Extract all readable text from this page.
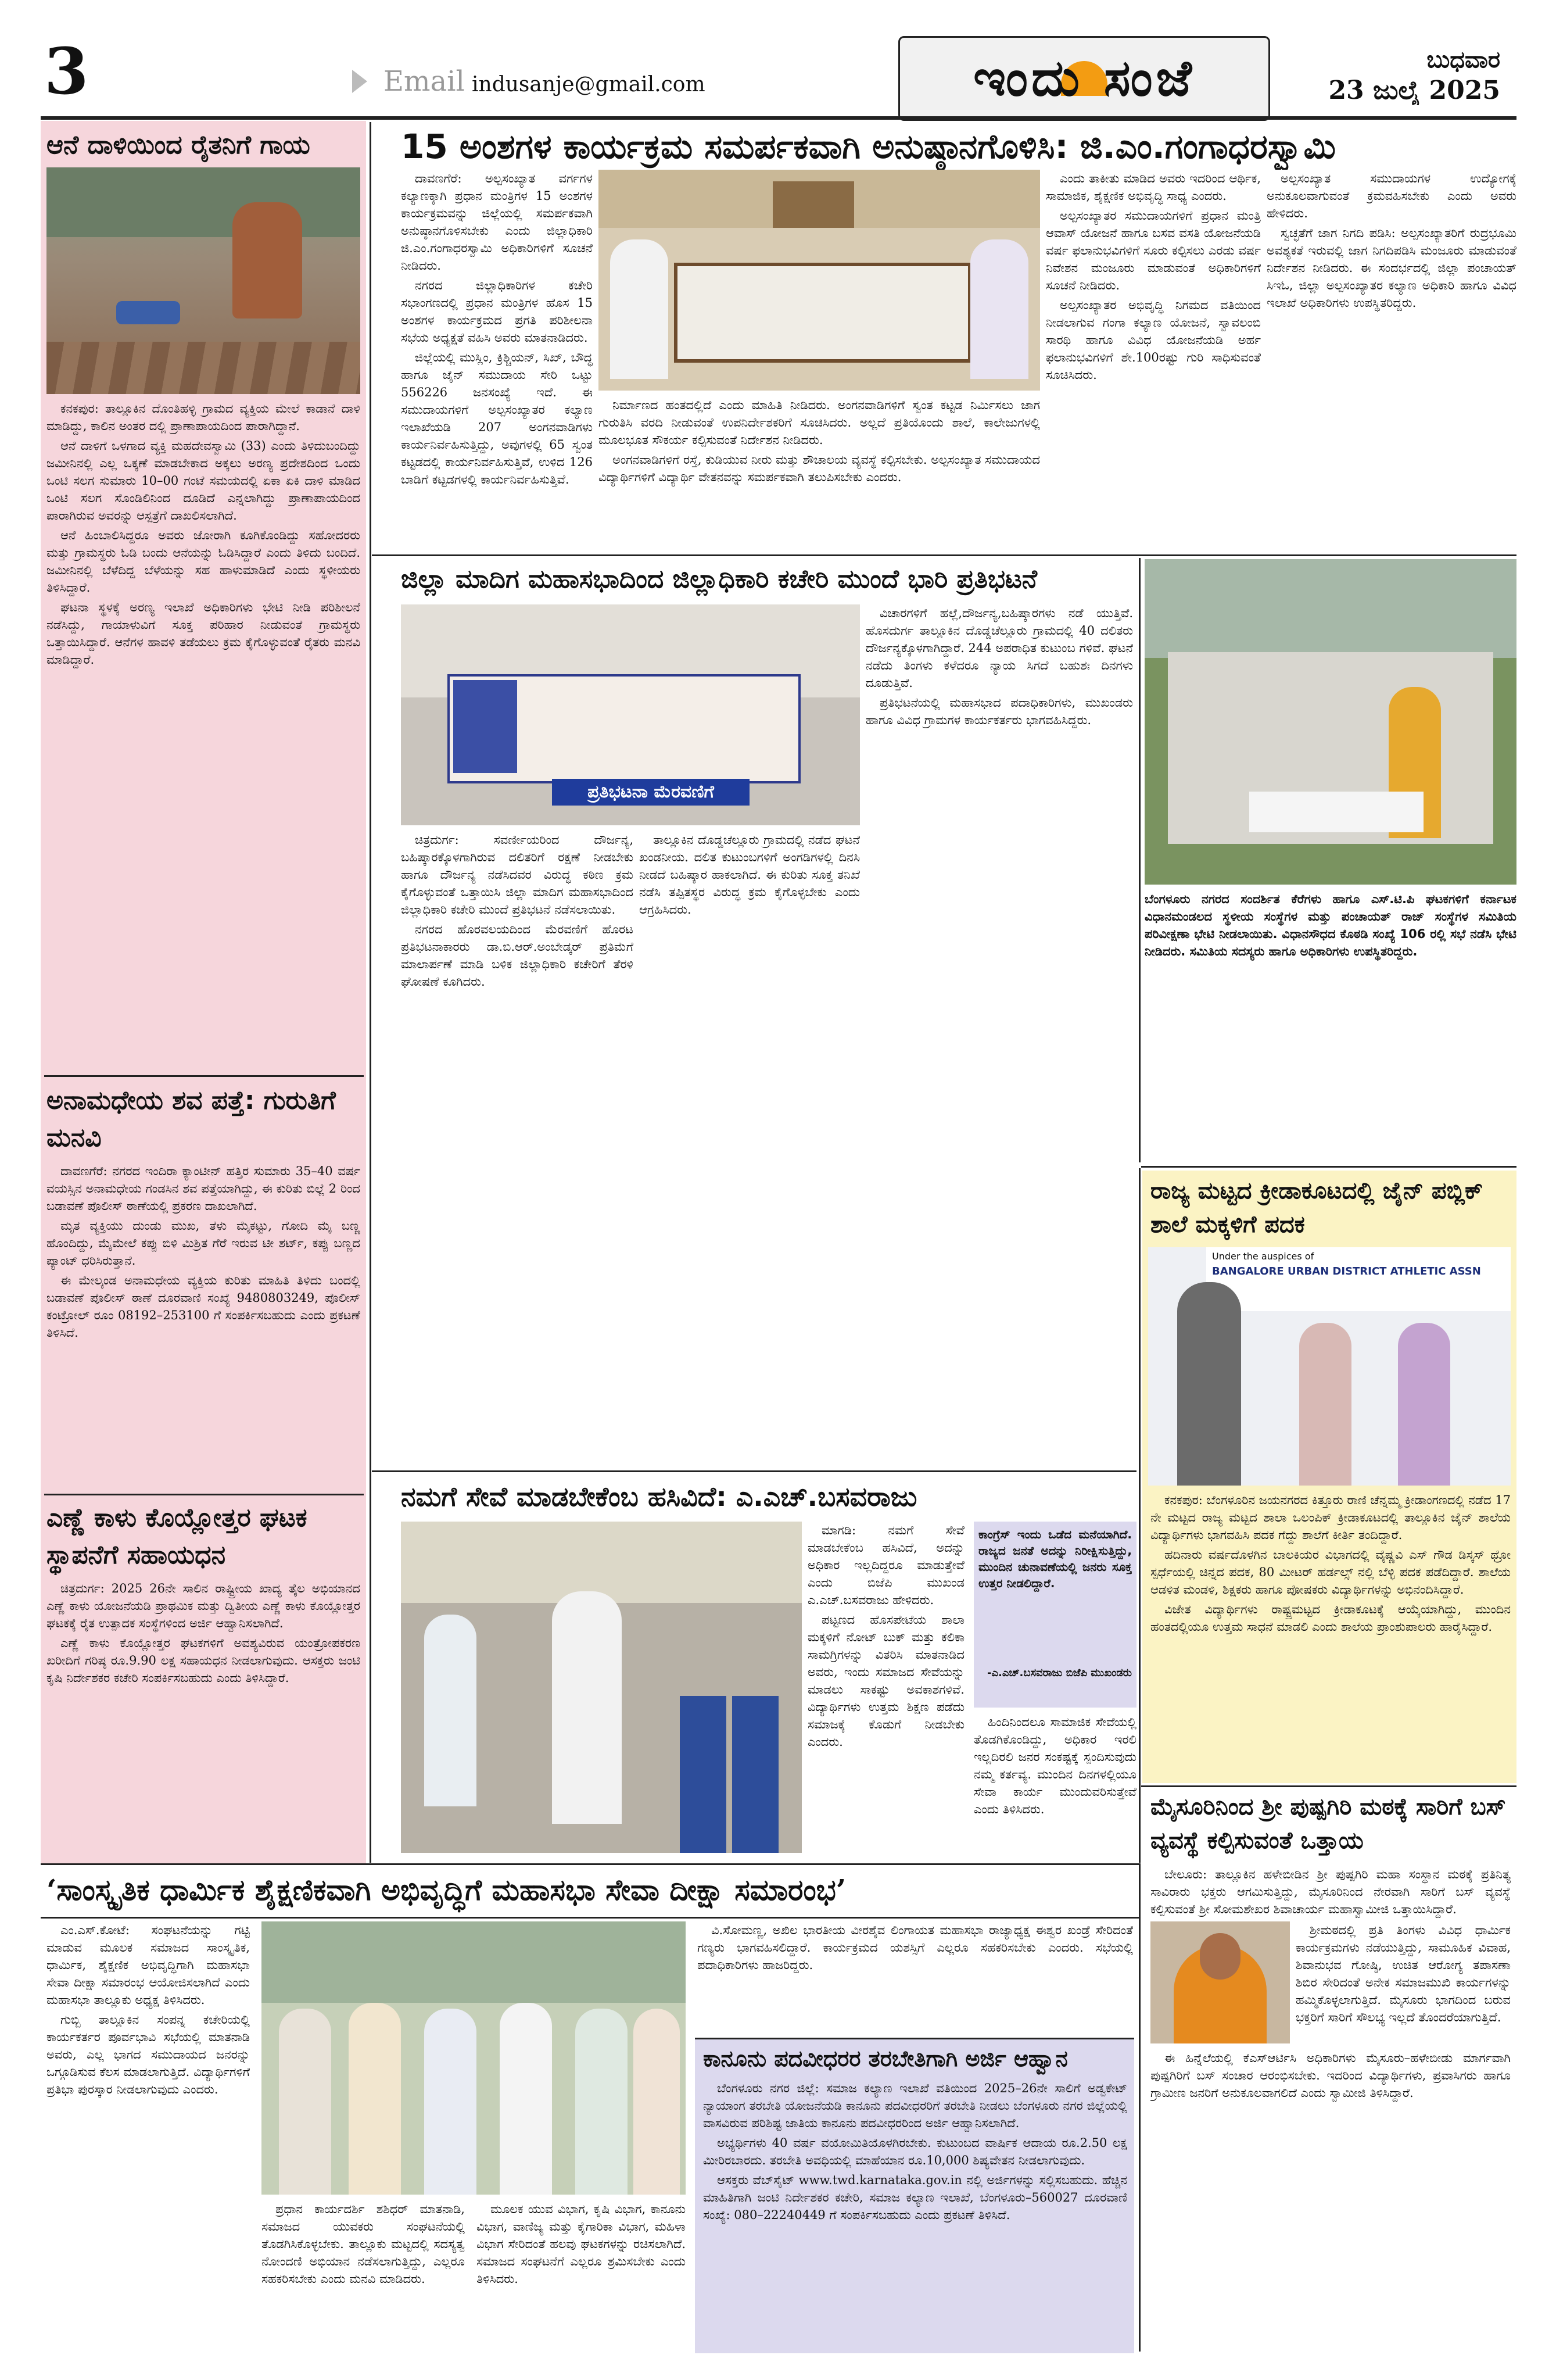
3	Email indusanje@gmail.com	ಇಂದು ಸಂಜೆ	ಬುಧವಾರ
23 ಜುಲೈ 2025
ಆನೆ ದಾಳಿಯಿಂದ ರೈತನಿಗೆ ಗಾಯ

ಕನಕಪುರ: ತಾಲ್ಲೂಕಿನ ದೊಂತಿಹಳ್ಳಿ ಗ್ರಾಮದ ವ್ಯಕ್ತಿಯ ಮೇಲೆ ಕಾಡಾನೆ ದಾಳಿ ಮಾಡಿದ್ದು, ಕಾಲಿನ ಅಂತರ ದಲ್ಲಿ ಪ್ರಾಣಾಪಾಯದಿಂದ ಪಾರಾಗಿದ್ದಾನೆ.

ಆನೆ ದಾಳಿಗೆ ಒಳಗಾದ ವ್ಯಕ್ತಿ ಮಹದೇವಸ್ವಾಮಿ (33) ಎಂದು ತಿಳಿದುಬಂದಿದ್ದು ಜಮೀನಿನಲ್ಲಿ ಎಲ್ಲ ಒಕ್ಕಣೆ ಮಾಡಬೇಕಾದ ಅಕ್ಕಲು ಅರಣ್ಯ ಪ್ರದೇಶದಿಂದ ಒಂದು ಒಂಟಿ ಸಲಗ ಸುಮಾರು 10–00 ಗಂಟೆ ಸಮಯದಲ್ಲಿ ಏಕಾ ಏಕಿ ದಾಳಿ ಮಾಡಿದ ಒಂಟಿ ಸಲಗ ಸೊಂಡಿಲಿನಿಂದ ದೂಡಿದೆ ಎನ್ನಲಾಗಿದ್ದು ಪ್ರಾಣಾಪಾಯದಿಂದ ಪಾರಾಗಿರುವ ಅವರನ್ನು ಆಸ್ಪತ್ರೆಗೆ ದಾಖಲಿಸಲಾಗಿದೆ.

ಆನೆ ಹಿಂಬಾಲಿಸಿದ್ದರೂ ಅವರು ಜೋರಾಗಿ ಕೂಗಿಕೊಂಡಿದ್ದು ಸಹೋದರರು ಮತ್ತು ಗ್ರಾಮಸ್ಥರು ಓಡಿ ಬಂದು ಆನೆಯನ್ನು ಓಡಿಸಿದ್ದಾರೆ ಎಂದು ತಿಳಿದು ಬಂದಿದೆ. ಜಮೀನಿನಲ್ಲಿ ಬೆಳೆದಿದ್ದ ಬೆಳೆಯನ್ನು ಸಹ ಹಾಳುಮಾಡಿದೆ ಎಂದು ಸ್ಥಳೀಯರು ತಿಳಿಸಿದ್ದಾರೆ.

ಘಟನಾ ಸ್ಥಳಕ್ಕೆ ಅರಣ್ಯ ಇಲಾಖೆ ಅಧಿಕಾರಿಗಳು ಭೇಟಿ ನೀಡಿ ಪರಿಶೀಲನೆ ನಡೆಸಿದ್ದು, ಗಾಯಾಳುವಿಗೆ ಸೂಕ್ತ ಪರಿಹಾರ ನೀಡುವಂತೆ ಗ್ರಾಮಸ್ಥರು ಒತ್ತಾಯಿಸಿದ್ದಾರೆ. ಆನೆಗಳ ಹಾವಳಿ ತಡೆಯಲು ಕ್ರಮ ಕೈಗೊಳ್ಳುವಂತೆ ರೈತರು ಮನವಿ ಮಾಡಿದ್ದಾರೆ.

ಅನಾಮಧೇಯ ಶವ ಪತ್ತೆ: ಗುರುತಿಗೆ ಮನವಿ

ದಾವಣಗೆರೆ: ನಗರದ ಇಂದಿರಾ ಕ್ಯಾಂಟೀನ್ ಹತ್ತಿರ ಸುಮಾರು 35–40 ವರ್ಷ ವಯಸ್ಸಿನ ಅನಾಮಧೇಯ ಗಂಡಸಿನ ಶವ ಪತ್ತೆಯಾಗಿದ್ದು, ಈ ಕುರಿತು ಬಿಲ್ಲೆ 2 ರಿಂದ ಬಡಾವಣೆ ಪೊಲೀಸ್ ಠಾಣೆಯಲ್ಲಿ ಪ್ರಕರಣ ದಾಖಲಾಗಿದೆ.

ಮೃತ ವ್ಯಕ್ತಿಯು ದುಂಡು ಮುಖ, ತೆಳು ಮೈಕಟ್ಟು, ಗೋದಿ ಮೈ ಬಣ್ಣ ಹೊಂದಿದ್ದು, ಮೈಮೇಲೆ ಕಪ್ಪು ಬಿಳಿ ಮಿಶ್ರಿತ ಗೆರೆ ಇರುವ ಟೀ ಶರ್ಟ್, ಕಪ್ಪು ಬಣ್ಣದ ಪ್ಯಾಂಟ್ ಧರಿಸಿರುತ್ತಾನೆ.

ಈ ಮೇಲ್ಕಂಡ ಅನಾಮಧೇಯ ವ್ಯಕ್ತಿಯ ಕುರಿತು ಮಾಹಿತಿ ತಿಳಿದು ಬಂದಲ್ಲಿ ಬಡಾವಣೆ ಪೊಲೀಸ್ ಠಾಣೆ ದೂರವಾಣಿ ಸಂಖ್ಯೆ 9480803249, ಪೊಲೀಸ್ ಕಂಟ್ರೋಲ್ ರೂಂ 08192–253100 ಗೆ ಸಂಪರ್ಕಿಸಬಹುದು ಎಂದು ಪ್ರಕಟಣೆ ತಿಳಿಸಿದೆ.

ಎಣ್ಣೆ ಕಾಳು ಕೊಯ್ಲೋತ್ತರ ಘಟಕ ಸ್ಥಾಪನೆಗೆ ಸಹಾಯಧನ

ಚಿತ್ರದುರ್ಗ: 2025 26ನೇ ಸಾಲಿನ ರಾಷ್ಟ್ರೀಯ ಖಾದ್ಯ ತೈಲ ಅಭಿಯಾನದ ಎಣ್ಣೆ ಕಾಳು ಯೋಜನೆಯಡಿ ಪ್ರಾಥಮಿಕ ಮತ್ತು ದ್ವಿತೀಯ ಎಣ್ಣೆ ಕಾಳು ಕೊಯ್ಲೋತ್ತರ ಘಟಕಕ್ಕೆ ರೈತ ಉತ್ಪಾದಕ ಸಂಸ್ಥೆಗಳಿಂದ ಅರ್ಜಿ ಆಹ್ವಾನಿಸಲಾಗಿದೆ.

ಎಣ್ಣೆ ಕಾಳು ಕೊಯ್ಲೋತ್ತರ ಘಟಕಗಳಿಗೆ ಅವಶ್ಯವಿರುವ ಯಂತ್ರೋಪಕರಣ ಖರೀದಿಗೆ ಗರಿಷ್ಠ ರೂ.9.90 ಲಕ್ಷ ಸಹಾಯಧನ ನೀಡಲಾಗುವುದು. ಆಸಕ್ತರು ಜಂಟಿ ಕೃಷಿ ನಿರ್ದೇಶಕರ ಕಚೇರಿ ಸಂಪರ್ಕಿಸಬಹುದು ಎಂದು ತಿಳಿಸಿದ್ದಾರೆ.

15 ಅಂಶಗಳ ಕಾರ್ಯಕ್ರಮ ಸಮರ್ಪಕವಾಗಿ ಅನುಷ್ಠಾನಗೊಳಿಸಿ: ಜಿ.ಎಂ.ಗಂಗಾಧರಸ್ವಾಮಿ

ದಾವಣಗೆರೆ: ಅಲ್ಪಸಂಖ್ಯಾತ ವರ್ಗಗಳ ಕಲ್ಯಾಣಕ್ಕಾಗಿ ಪ್ರಧಾನ ಮಂತ್ರಿಗಳ 15 ಅಂಶಗಳ ಕಾರ್ಯಕ್ರಮವನ್ನು ಜಿಲ್ಲೆಯಲ್ಲಿ ಸಮರ್ಪಕವಾಗಿ ಅನುಷ್ಠಾನಗೊಳಿಸಬೇಕು ಎಂದು ಜಿಲ್ಲಾಧಿಕಾರಿ ಜಿ.ಎಂ.ಗಂಗಾಧರಸ್ವಾಮಿ ಅಧಿಕಾರಿಗಳಿಗೆ ಸೂಚನೆ ನೀಡಿದರು.

ನಗರದ ಜಿಲ್ಲಾಧಿಕಾರಿಗಳ ಕಚೇರಿ ಸಭಾಂಗಣದಲ್ಲಿ ಪ್ರಧಾನ ಮಂತ್ರಿಗಳ ಹೊಸ 15 ಅಂಶಗಳ ಕಾರ್ಯಕ್ರಮದ ಪ್ರಗತಿ ಪರಿಶೀಲನಾ ಸಭೆಯ ಅಧ್ಯಕ್ಷತೆ ವಹಿಸಿ ಅವರು ಮಾತನಾಡಿದರು.

ಜಿಲ್ಲೆಯಲ್ಲಿ ಮುಸ್ಲಿಂ, ಕ್ರಿಶ್ಚಿಯನ್, ಸಿಖ್, ಬೌದ್ಧ ಹಾಗೂ ಜೈನ್ ಸಮುದಾಯ ಸೇರಿ ಒಟ್ಟು 556226 ಜನಸಂಖ್ಯೆ ಇದೆ. ಈ ಸಮುದಾಯಗಳಿಗೆ ಅಲ್ಪಸಂಖ್ಯಾತರ ಕಲ್ಯಾಣ ಇಲಾಖೆಯಡಿ 207 ಅಂಗನವಾಡಿಗಳು ಕಾರ್ಯನಿರ್ವಹಿಸುತ್ತಿದ್ದು, ಅವುಗಳಲ್ಲಿ 65 ಸ್ವಂತ ಕಟ್ಟಡದಲ್ಲಿ ಕಾರ್ಯನಿರ್ವಹಿಸುತ್ತಿವೆ, ಉಳಿದ 126 ಬಾಡಿಗೆ ಕಟ್ಟಡಗಳಲ್ಲಿ ಕಾರ್ಯನಿರ್ವಹಿಸುತ್ತಿವೆ.

ನಿರ್ಮಾಣದ ಹಂತದಲ್ಲಿದೆ ಎಂದು ಮಾಹಿತಿ ನೀಡಿದರು. ಅಂಗನವಾಡಿಗಳಿಗೆ ಸ್ವಂತ ಕಟ್ಟಡ ನಿರ್ಮಿಸಲು ಜಾಗ ಗುರುತಿಸಿ ವರದಿ ನೀಡುವಂತೆ ಉಪನಿರ್ದೇಶಕರಿಗೆ ಸೂಚಿಸಿದರು. ಅಲ್ಲದೆ ಪ್ರತಿಯೊಂದು ಶಾಲೆ, ಕಾಲೇಜುಗಳಲ್ಲಿ ಮೂಲಭೂತ ಸೌಕರ್ಯ ಕಲ್ಪಿಸುವಂತೆ ನಿರ್ದೇಶನ ನೀಡಿದರು.

ಅಂಗನವಾಡಿಗಳಿಗೆ ರಸ್ತೆ, ಕುಡಿಯುವ ನೀರು ಮತ್ತು ಶೌಚಾಲಯ ವ್ಯವಸ್ಥೆ ಕಲ್ಪಿಸಬೇಕು. ಅಲ್ಪಸಂಖ್ಯಾತ ಸಮುದಾಯದ ವಿದ್ಯಾರ್ಥಿಗಳಿಗೆ ವಿದ್ಯಾರ್ಥಿ ವೇತನವನ್ನು ಸಮರ್ಪಕವಾಗಿ ತಲುಪಿಸಬೇಕು ಎಂದರು.

ಎಂದು ತಾಕೀತು ಮಾಡಿದ ಅವರು ಇದರಿಂದ ಆರ್ಥಿಕ, ಸಾಮಾಜಿಕ, ಶೈಕ್ಷಣಿಕ ಅಭಿವೃದ್ಧಿ ಸಾಧ್ಯ ಎಂದರು.

ಅಲ್ಪಸಂಖ್ಯಾತರ ಸಮುದಾಯಗಳಿಗೆ ಪ್ರಧಾನ ಮಂತ್ರಿ ಆವಾಸ್ ಯೋಜನೆ ಹಾಗೂ ಬಸವ ವಸತಿ ಯೋಜನೆಯಡಿ ವರ್ಷ ಫಲಾನುಭವಿಗಳಿಗೆ ಸೂರು ಕಲ್ಪಿಸಲು ಎರಡು ವರ್ಷ ನಿವೇಶನ ಮಂಜೂರು ಮಾಡುವಂತೆ ಅಧಿಕಾರಿಗಳಿಗೆ ಸೂಚನೆ ನೀಡಿದರು.

ಅಲ್ಪಸಂಖ್ಯಾತರ ಅಭಿವೃದ್ಧಿ ನಿಗಮದ ವತಿಯಿಂದ ನೀಡಲಾಗುವ ಗಂಗಾ ಕಲ್ಯಾಣ ಯೋಜನೆ, ಸ್ವಾವಲಂಬಿ ಸಾರಥಿ ಹಾಗೂ ವಿವಿಧ ಯೋಜನೆಯಡಿ ಅರ್ಹ ಫಲಾನುಭವಿಗಳಿಗೆ ಶೇ.100ರಷ್ಟು ಗುರಿ ಸಾಧಿಸುವಂತೆ ಸೂಚಿಸಿದರು.

ಅಲ್ಪಸಂಖ್ಯಾತ ಸಮುದಾಯಗಳ ಉದ್ಯೋಗಕ್ಕೆ ಅನುಕೂಲವಾಗುವಂತೆ ಕ್ರಮವಹಿಸಬೇಕು ಎಂದು ಅವರು ಹೇಳಿದರು.

ಸ್ವಚ್ಛತೆಗೆ ಜಾಗ ನಿಗದಿ ಪಡಿಸಿ: ಅಲ್ಪಸಂಖ್ಯಾತರಿಗೆ ರುದ್ರಭೂಮಿ ಅವಶ್ಯಕತೆ ಇರುವಲ್ಲಿ ಜಾಗ ನಿಗದಿಪಡಿಸಿ ಮಂಜೂರು ಮಾಡುವಂತೆ ನಿರ್ದೇಶನ ನೀಡಿದರು. ಈ ಸಂದರ್ಭದಲ್ಲಿ ಜಿಲ್ಲಾ ಪಂಚಾಯತ್ ಸಿಇಓ, ಜಿಲ್ಲಾ ಅಲ್ಪಸಂಖ್ಯಾತರ ಕಲ್ಯಾಣ ಅಧಿಕಾರಿ ಹಾಗೂ ವಿವಿಧ ಇಲಾಖೆ ಅಧಿಕಾರಿಗಳು ಉಪಸ್ಥಿತರಿದ್ದರು.

ಜಿಲ್ಲಾ ಮಾದಿಗ ಮಹಾಸಭಾದಿಂದ ಜಿಲ್ಲಾಧಿಕಾರಿ ಕಚೇರಿ ಮುಂದೆ ಭಾರಿ ಪ್ರತಿಭಟನೆ
ಪ್ರತಿಭಟನಾ ಮೆರವಣಿಗೆ

ಚಿತ್ರದುರ್ಗ: ಸವರ್ಣೀಯರಿಂದ ದೌರ್ಜನ್ಯ, ಬಹಿಷ್ಕಾರಕ್ಕೊಳಗಾಗಿರುವ ದಲಿತರಿಗೆ ರಕ್ಷಣೆ ನೀಡಬೇಕು ಹಾಗೂ ದೌರ್ಜನ್ಯ ನಡೆಸಿದವರ ವಿರುದ್ಧ ಕಠಿಣ ಕ್ರಮ ಕೈಗೊಳ್ಳುವಂತೆ ಒತ್ತಾಯಿಸಿ ಜಿಲ್ಲಾ ಮಾದಿಗ ಮಹಾಸಭಾದಿಂದ ಜಿಲ್ಲಾಧಿಕಾರಿ ಕಚೇರಿ ಮುಂದೆ ಪ್ರತಿಭಟನೆ ನಡೆಸಲಾಯಿತು.

ನಗರದ ಹೊರವಲಯದಿಂದ ಮೆರವಣಿಗೆ ಹೊರಟ ಪ್ರತಿಭಟನಾಕಾರರು ಡಾ.ಬಿ.ಆರ್.ಅಂಬೇಡ್ಕರ್ ಪ್ರತಿಮೆಗೆ ಮಾಲಾರ್ಪಣೆ ಮಾಡಿ ಬಳಿಕ ಜಿಲ್ಲಾಧಿಕಾರಿ ಕಚೇರಿಗೆ ತೆರಳಿ ಘೋಷಣೆ ಕೂಗಿದರು.

ತಾಲ್ಲೂಕಿನ ದೊಡ್ಡಚೆಲ್ಲೂರು ಗ್ರಾಮದಲ್ಲಿ ನಡೆದ ಘಟನೆ ಖಂಡನೀಯ. ದಲಿತ ಕುಟುಂಬಗಳಿಗೆ ಅಂಗಡಿಗಳಲ್ಲಿ ದಿನಸಿ ನೀಡದೆ ಬಹಿಷ್ಕಾರ ಹಾಕಲಾಗಿದೆ. ಈ ಕುರಿತು ಸೂಕ್ತ ತನಿಖೆ ನಡೆಸಿ ತಪ್ಪಿತಸ್ಥರ ವಿರುದ್ಧ ಕ್ರಮ ಕೈಗೊಳ್ಳಬೇಕು ಎಂದು ಆಗ್ರಹಿಸಿದರು.

ವಿಚಾರಗಳಿಗೆ ಹಲ್ಲೆ,ದೌರ್ಜನ್ಯ,ಬಹಿಷ್ಕಾರಗಳು ನಡೆ ಯುತ್ತಿವೆ. ಹೊಸದುರ್ಗ ತಾಲ್ಲೂಕಿನ ದೊಡ್ಡಚೆಲ್ಲೂರು ಗ್ರಾಮದಲ್ಲಿ 40 ದಲಿತರು ದೌರ್ಜನ್ಯಕ್ಕೊಳಗಾಗಿದ್ದಾರೆ. 244 ಅಪರಾಧಿತ ಕುಟುಂಬ ಗಳಿವೆ. ಘಟನೆ ನಡೆದು ತಿಂಗಳು ಕಳೆದರೂ ನ್ಯಾಯ ಸಿಗದೆ ಬಹುಶಃ ದಿನಗಳು ದೂಡುತ್ತಿವೆ.

ಪ್ರತಿಭಟನೆಯಲ್ಲಿ ಮಹಾಸಭಾದ ಪದಾಧಿಕಾರಿಗಳು, ಮುಖಂಡರು ಹಾಗೂ ವಿವಿಧ ಗ್ರಾಮಗಳ ಕಾರ್ಯಕರ್ತರು ಭಾಗವಹಿಸಿದ್ದರು.

ಬೆಂಗಳೂರು ನಗರದ ಸಂದರ್ಶಿತ ಕೆರೆಗಳು ಹಾಗೂ ಎಸ್.ಟಿ.ಪಿ ಘಟಕಗಳಿಗೆ ಕರ್ನಾಟಕ ವಿಧಾನಮಂಡಲದ ಸ್ಥಳೀಯ ಸಂಸ್ಥೆಗಳ ಮತ್ತು ಪಂಚಾಯತ್ ರಾಜ್ ಸಂಸ್ಥೆಗಳ ಸಮಿತಿಯ ಪರಿವೀಕ್ಷಣಾ ಭೇಟಿ ನೀಡಲಾಯಿತು. ವಿಧಾನಸೌಧದ ಕೊಠಡಿ ಸಂಖ್ಯೆ 106 ರಲ್ಲಿ ಸಭೆ ನಡೆಸಿ ಭೇಟಿ ನೀಡಿದರು. ಸಮಿತಿಯ ಸದಸ್ಯರು ಹಾಗೂ ಅಧಿಕಾರಿಗಳು ಉಪಸ್ಥಿತರಿದ್ದರು.
ನಮಗೆ ಸೇವೆ ಮಾಡಬೇಕೆಂಬ ಹಸಿವಿದೆ: ಎ.ಎಚ್.ಬಸವರಾಜು

ಮಾಗಡಿ: ನಮಗೆ ಸೇವೆ ಮಾಡಬೇಕೆಂಬ ಹಸಿವಿದೆ, ಅದನ್ನು ಅಧಿಕಾರ ಇಲ್ಲದಿದ್ದರೂ ಮಾಡುತ್ತೇವೆ ಎಂದು ಬಿಜೆಪಿ ಮುಖಂಡ ಎ.ಎಚ್.ಬಸವರಾಜು ಹೇಳಿದರು.

ಪಟ್ಟಣದ ಹೊಸಪೇಟೆಯ ಶಾಲಾ ಮಕ್ಕಳಿಗೆ ನೋಟ್ ಬುಕ್ ಮತ್ತು ಕಲಿಕಾ ಸಾಮಗ್ರಿಗಳನ್ನು ವಿತರಿಸಿ ಮಾತನಾಡಿದ ಅವರು, ಇಂದು ಸಮಾಜದ ಸೇವೆಯನ್ನು ಮಾಡಲು ಸಾಕಷ್ಟು ಅವಕಾಶಗಳಿವೆ. ವಿದ್ಯಾರ್ಥಿಗಳು ಉತ್ತಮ ಶಿಕ್ಷಣ ಪಡೆದು ಸಮಾಜಕ್ಕೆ ಕೊಡುಗೆ ನೀಡಬೇಕು ಎಂದರು.

ಕಾಂಗ್ರೆಸ್ ಇಂದು ಒಡೆದ ಮನೆಯಾಗಿದೆ. ರಾಜ್ಯದ ಜನತೆ ಅದನ್ನು ನಿರೀಕ್ಷಿಸುತ್ತಿದ್ದು, ಮುಂದಿನ ಚುನಾವಣೆಯಲ್ಲಿ ಜನರು ಸೂಕ್ತ ಉತ್ತರ ನೀಡಲಿದ್ದಾರೆ.
-ಎ.ಎಚ್.ಬಸವರಾಜು ಬಿಜೆಪಿ ಮುಖಂಡರು

ಹಿಂದಿನಿಂದಲೂ ಸಾಮಾಜಿಕ ಸೇವೆಯಲ್ಲಿ ತೊಡಗಿಕೊಂಡಿದ್ದು, ಅಧಿಕಾರ ಇರಲಿ ಇಲ್ಲದಿರಲಿ ಜನರ ಸಂಕಷ್ಟಕ್ಕೆ ಸ್ಪಂದಿಸುವುದು ನಮ್ಮ ಕರ್ತವ್ಯ. ಮುಂದಿನ ದಿನಗಳಲ್ಲಿಯೂ ಸೇವಾ ಕಾರ್ಯ ಮುಂದುವರಿಸುತ್ತೇವೆ ಎಂದು ತಿಳಿಸಿದರು.

ರಾಜ್ಯ ಮಟ್ಟದ ಕ್ರೀಡಾಕೂಟದಲ್ಲಿ ಜೈನ್ ಪಬ್ಲಿಕ್ ಶಾಲೆ ಮಕ್ಕಳಿಗೆ ಪದಕ
Under the auspices of
BANGALORE URBAN DISTRICT ATHLETIC ASSN

ಕನಕಪುರ: ಬೆಂಗಳೂರಿನ ಜಯನಗರದ ಕಿತ್ತೂರು ರಾಣಿ ಚೆನ್ನಮ್ಮ ಕ್ರೀಡಾಂಗಣದಲ್ಲಿ ನಡೆದ 17 ನೇ ಮಟ್ಟದ ರಾಜ್ಯ ಮಟ್ಟದ ಶಾಲಾ ಒಲಂಪಿಕ್ ಕ್ರೀಡಾಕೂಟದಲ್ಲಿ ತಾಲ್ಲೂಕಿನ ಜೈನ್ ಶಾಲೆಯ ವಿದ್ಯಾರ್ಥಿಗಳು ಭಾಗವಹಿಸಿ ಪದಕ ಗೆದ್ದು ಶಾಲೆಗೆ ಕೀರ್ತಿ ತಂದಿದ್ದಾರೆ.

ಹದಿನಾರು ವರ್ಷದೊಳಗಿನ ಬಾಲಕಿಯರ ವಿಭಾಗದಲ್ಲಿ ವೈಷ್ಣವಿ ಎಸ್ ಗೌಡ ಡಿಸ್ಕಸ್ ಥ್ರೋ ಸ್ಪರ್ಧೆಯಲ್ಲಿ ಚಿನ್ನದ ಪದಕ, 80 ಮೀಟರ್ ಹರ್ಡಲ್ಸ್ ನಲ್ಲಿ ಬೆಳ್ಳಿ ಪದಕ ಪಡೆದಿದ್ದಾರೆ. ಶಾಲೆಯ ಆಡಳಿತ ಮಂಡಳಿ, ಶಿಕ್ಷಕರು ಹಾಗೂ ಪೋಷಕರು ವಿದ್ಯಾರ್ಥಿಗಳನ್ನು ಅಭಿನಂದಿಸಿದ್ದಾರೆ.

ವಿಜೇತ ವಿದ್ಯಾರ್ಥಿಗಳು ರಾಷ್ಟ್ರಮಟ್ಟದ ಕ್ರೀಡಾಕೂಟಕ್ಕೆ ಆಯ್ಕೆಯಾಗಿದ್ದು, ಮುಂದಿನ ಹಂತದಲ್ಲಿಯೂ ಉತ್ತಮ ಸಾಧನೆ ಮಾಡಲಿ ಎಂದು ಶಾಲೆಯ ಪ್ರಾಂಶುಪಾಲರು ಹಾರೈಸಿದ್ದಾರೆ.

ಮೈಸೂರಿನಿಂದ ಶ್ರೀ ಪುಷ್ಪಗಿರಿ ಮಠಕ್ಕೆ ಸಾರಿಗೆ ಬಸ್ ವ್ಯವಸ್ಥೆ ಕಲ್ಪಿಸುವಂತೆ ಒತ್ತಾಯ

ಬೇಲೂರು: ತಾಲ್ಲೂಕಿನ ಹಳೇಬೀಡಿನ ಶ್ರೀ ಪುಷ್ಪಗಿರಿ ಮಹಾ ಸಂಸ್ಥಾನ ಮಠಕ್ಕೆ ಪ್ರತಿನಿತ್ಯ ಸಾವಿರಾರು ಭಕ್ತರು ಆಗಮಿಸುತ್ತಿದ್ದು, ಮೈಸೂರಿನಿಂದ ನೇರವಾಗಿ ಸಾರಿಗೆ ಬಸ್ ವ್ಯವಸ್ಥೆ ಕಲ್ಪಿಸುವಂತೆ ಶ್ರೀ ಸೋಮಶೇಖರ ಶಿವಾಚಾರ್ಯ ಮಹಾಸ್ವಾಮೀಜಿ ಒತ್ತಾಯಿಸಿದ್ದಾರೆ.

ಶ್ರೀಮಠದಲ್ಲಿ ಪ್ರತಿ ತಿಂಗಳು ವಿವಿಧ ಧಾರ್ಮಿಕ ಕಾರ್ಯಕ್ರಮಗಳು ನಡೆಯುತ್ತಿದ್ದು, ಸಾಮೂಹಿಕ ವಿವಾಹ, ಶಿವಾನುಭವ ಗೋಷ್ಠಿ, ಉಚಿತ ಆರೋಗ್ಯ ತಪಾಸಣಾ ಶಿಬಿರ ಸೇರಿದಂತೆ ಅನೇಕ ಸಮಾಜಮುಖಿ ಕಾರ್ಯಗಳನ್ನು ಹಮ್ಮಿಕೊಳ್ಳಲಾಗುತ್ತಿದೆ. ಮೈಸೂರು ಭಾಗದಿಂದ ಬರುವ ಭಕ್ತರಿಗೆ ಸಾರಿಗೆ ಸೌಲಭ್ಯ ಇಲ್ಲದೆ ತೊಂದರೆಯಾಗುತ್ತಿದೆ.

ಈ ಹಿನ್ನೆಲೆಯಲ್ಲಿ ಕೆಎಸ್ಆರ್ಟಿಸಿ ಅಧಿಕಾರಿಗಳು ಮೈಸೂರು–ಹಳೇಬೀಡು ಮಾರ್ಗವಾಗಿ ಪುಷ್ಪಗಿರಿಗೆ ಬಸ್ ಸಂಚಾರ ಆರಂಭಿಸಬೇಕು. ಇದರಿಂದ ವಿದ್ಯಾರ್ಥಿಗಳು, ಪ್ರವಾಸಿಗರು ಹಾಗೂ ಗ್ರಾಮೀಣ ಜನರಿಗೆ ಅನುಕೂಲವಾಗಲಿದೆ ಎಂದು ಸ್ವಾಮೀಜಿ ತಿಳಿಸಿದ್ದಾರೆ.

‘ಸಾಂಸ್ಕೃತಿಕ ಧಾರ್ಮಿಕ ಶೈಕ್ಷಣಿಕವಾಗಿ ಅಭಿವೃದ್ಧಿಗೆ ಮಹಾಸಭಾ ಸೇವಾ ದೀಕ್ಷಾ ಸಮಾರಂಭ’

ಎಂ.ಎಸ್.ಕೋಟೆ: ಸಂಘಟನೆಯನ್ನು ಗಟ್ಟಿ ಮಾಡುವ ಮೂಲಕ ಸಮಾಜದ ಸಾಂಸ್ಕೃತಿಕ, ಧಾರ್ಮಿಕ, ಶೈಕ್ಷಣಿಕ ಅಭಿವೃದ್ಧಿಗಾಗಿ ಮಹಾಸಭಾ ಸೇವಾ ದೀಕ್ಷಾ ಸಮಾರಂಭ ಆಯೋಜಿಸಲಾಗಿದೆ ಎಂದು ಮಹಾಸಭಾ ತಾಲ್ಲೂಕು ಅಧ್ಯಕ್ಷ ತಿಳಿಸಿದರು.

ಗುಬ್ಬಿ ತಾಲ್ಲೂಕಿನ ಸಂಪನ್ನ ಕಚೇರಿಯಲ್ಲಿ ಕಾರ್ಯಕರ್ತರ ಪೂರ್ವಭಾವಿ ಸಭೆಯಲ್ಲಿ ಮಾತನಾಡಿ ಅವರು, ಎಲ್ಲ ಭಾಗದ ಸಮುದಾಯದ ಜನರನ್ನು ಒಗ್ಗೂಡಿಸುವ ಕೆಲಸ ಮಾಡಲಾಗುತ್ತಿದೆ. ವಿದ್ಯಾರ್ಥಿಗಳಿಗೆ ಪ್ರತಿಭಾ ಪುರಸ್ಕಾರ ನೀಡಲಾಗುವುದು ಎಂದರು.

ಪ್ರಧಾನ ಕಾರ್ಯದರ್ಶಿ ಶಶಿಧರ್ ಮಾತನಾಡಿ, ಸಮಾಜದ ಯುವಕರು ಸಂಘಟನೆಯಲ್ಲಿ ತೊಡಗಿಸಿಕೊಳ್ಳಬೇಕು. ತಾಲ್ಲೂಕು ಮಟ್ಟದಲ್ಲಿ ಸದಸ್ಯತ್ವ ನೋಂದಣಿ ಅಭಿಯಾನ ನಡೆಸಲಾಗುತ್ತಿದ್ದು, ಎಲ್ಲರೂ ಸಹಕರಿಸಬೇಕು ಎಂದು ಮನವಿ ಮಾಡಿದರು.

ಮೂಲಕ ಯುವ ವಿಭಾಗ, ಕೃಷಿ ವಿಭಾಗ, ಕಾನೂನು ವಿಭಾಗ, ವಾಣಿಜ್ಯ ಮತ್ತು ಕೈಗಾರಿಕಾ ವಿಭಾಗ, ಮಹಿಳಾ ವಿಭಾಗ ಸೇರಿದಂತೆ ಹಲವು ಘಟಕಗಳನ್ನು ರಚಿಸಲಾಗಿದೆ. ಸಮಾಜದ ಸಂಘಟನೆಗೆ ಎಲ್ಲರೂ ಶ್ರಮಿಸಬೇಕು ಎಂದು ತಿಳಿಸಿದರು.

ವಿ.ಸೋಮಣ್ಣ, ಅಖಿಲ ಭಾರತೀಯ ವೀರಶೈವ ಲಿಂಗಾಯತ ಮಹಾಸಭಾ ರಾಜ್ಯಾಧ್ಯಕ್ಷ ಈಶ್ವರ ಖಂಡ್ರೆ ಸೇರಿದಂತೆ ಗಣ್ಯರು ಭಾಗವಹಿಸಲಿದ್ದಾರೆ. ಕಾರ್ಯಕ್ರಮದ ಯಶಸ್ಸಿಗೆ ಎಲ್ಲರೂ ಸಹಕರಿಸಬೇಕು ಎಂದರು. ಸಭೆಯಲ್ಲಿ ಪದಾಧಿಕಾರಿಗಳು ಹಾಜರಿದ್ದರು.

ಕಾನೂನು ಪದವೀಧರರ ತರಬೇತಿಗಾಗಿ ಅರ್ಜಿ ಆಹ್ವಾನ

ಬೆಂಗಳೂರು ನಗರ ಜಿಲ್ಲೆ: ಸಮಾಜ ಕಲ್ಯಾಣ ಇಲಾಖೆ ವತಿಯಿಂದ 2025–26ನೇ ಸಾಲಿಗೆ ಅಡ್ವಕೇಟ್ ನ್ಯಾಯಾಂಗ ತರಬೇತಿ ಯೋಜನೆಯಡಿ ಕಾನೂನು ಪದವೀಧರರಿಗೆ ತರಬೇತಿ ನೀಡಲು ಬೆಂಗಳೂರು ನಗರ ಜಿಲ್ಲೆಯಲ್ಲಿ ವಾಸವಿರುವ ಪರಿಶಿಷ್ಟ ಜಾತಿಯ ಕಾನೂನು ಪದವೀಧರರಿಂದ ಅರ್ಜಿ ಆಹ್ವಾನಿಸಲಾಗಿದೆ.

ಅಭ್ಯರ್ಥಿಗಳು 40 ವರ್ಷ ವಯೋಮಿತಿಯೊಳಗಿರಬೇಕು. ಕುಟುಂಬದ ವಾರ್ಷಿಕ ಆದಾಯ ರೂ.2.50 ಲಕ್ಷ ಮೀರಿರಬಾರದು. ತರಬೇತಿ ಅವಧಿಯಲ್ಲಿ ಮಾಹೆಯಾನ ರೂ.10,000 ಶಿಷ್ಯವೇತನ ನೀಡಲಾಗುವುದು.

ಆಸಕ್ತರು ವೆಬ್‌ಸೈಟ್ www.twd.karnataka.gov.in ನಲ್ಲಿ ಅರ್ಜಿಗಳನ್ನು ಸಲ್ಲಿಸಬಹುದು. ಹೆಚ್ಚಿನ ಮಾಹಿತಿಗಾಗಿ ಜಂಟಿ ನಿರ್ದೇಶಕರ ಕಚೇರಿ, ಸಮಾಜ ಕಲ್ಯಾಣ ಇಲಾಖೆ, ಬೆಂಗಳೂರು–560027 ದೂರವಾಣಿ ಸಂಖ್ಯೆ: 080–22240449 ಗೆ ಸಂಪರ್ಕಿಸಬಹುದು ಎಂದು ಪ್ರಕಟಣೆ ತಿಳಿಸಿದೆ.
